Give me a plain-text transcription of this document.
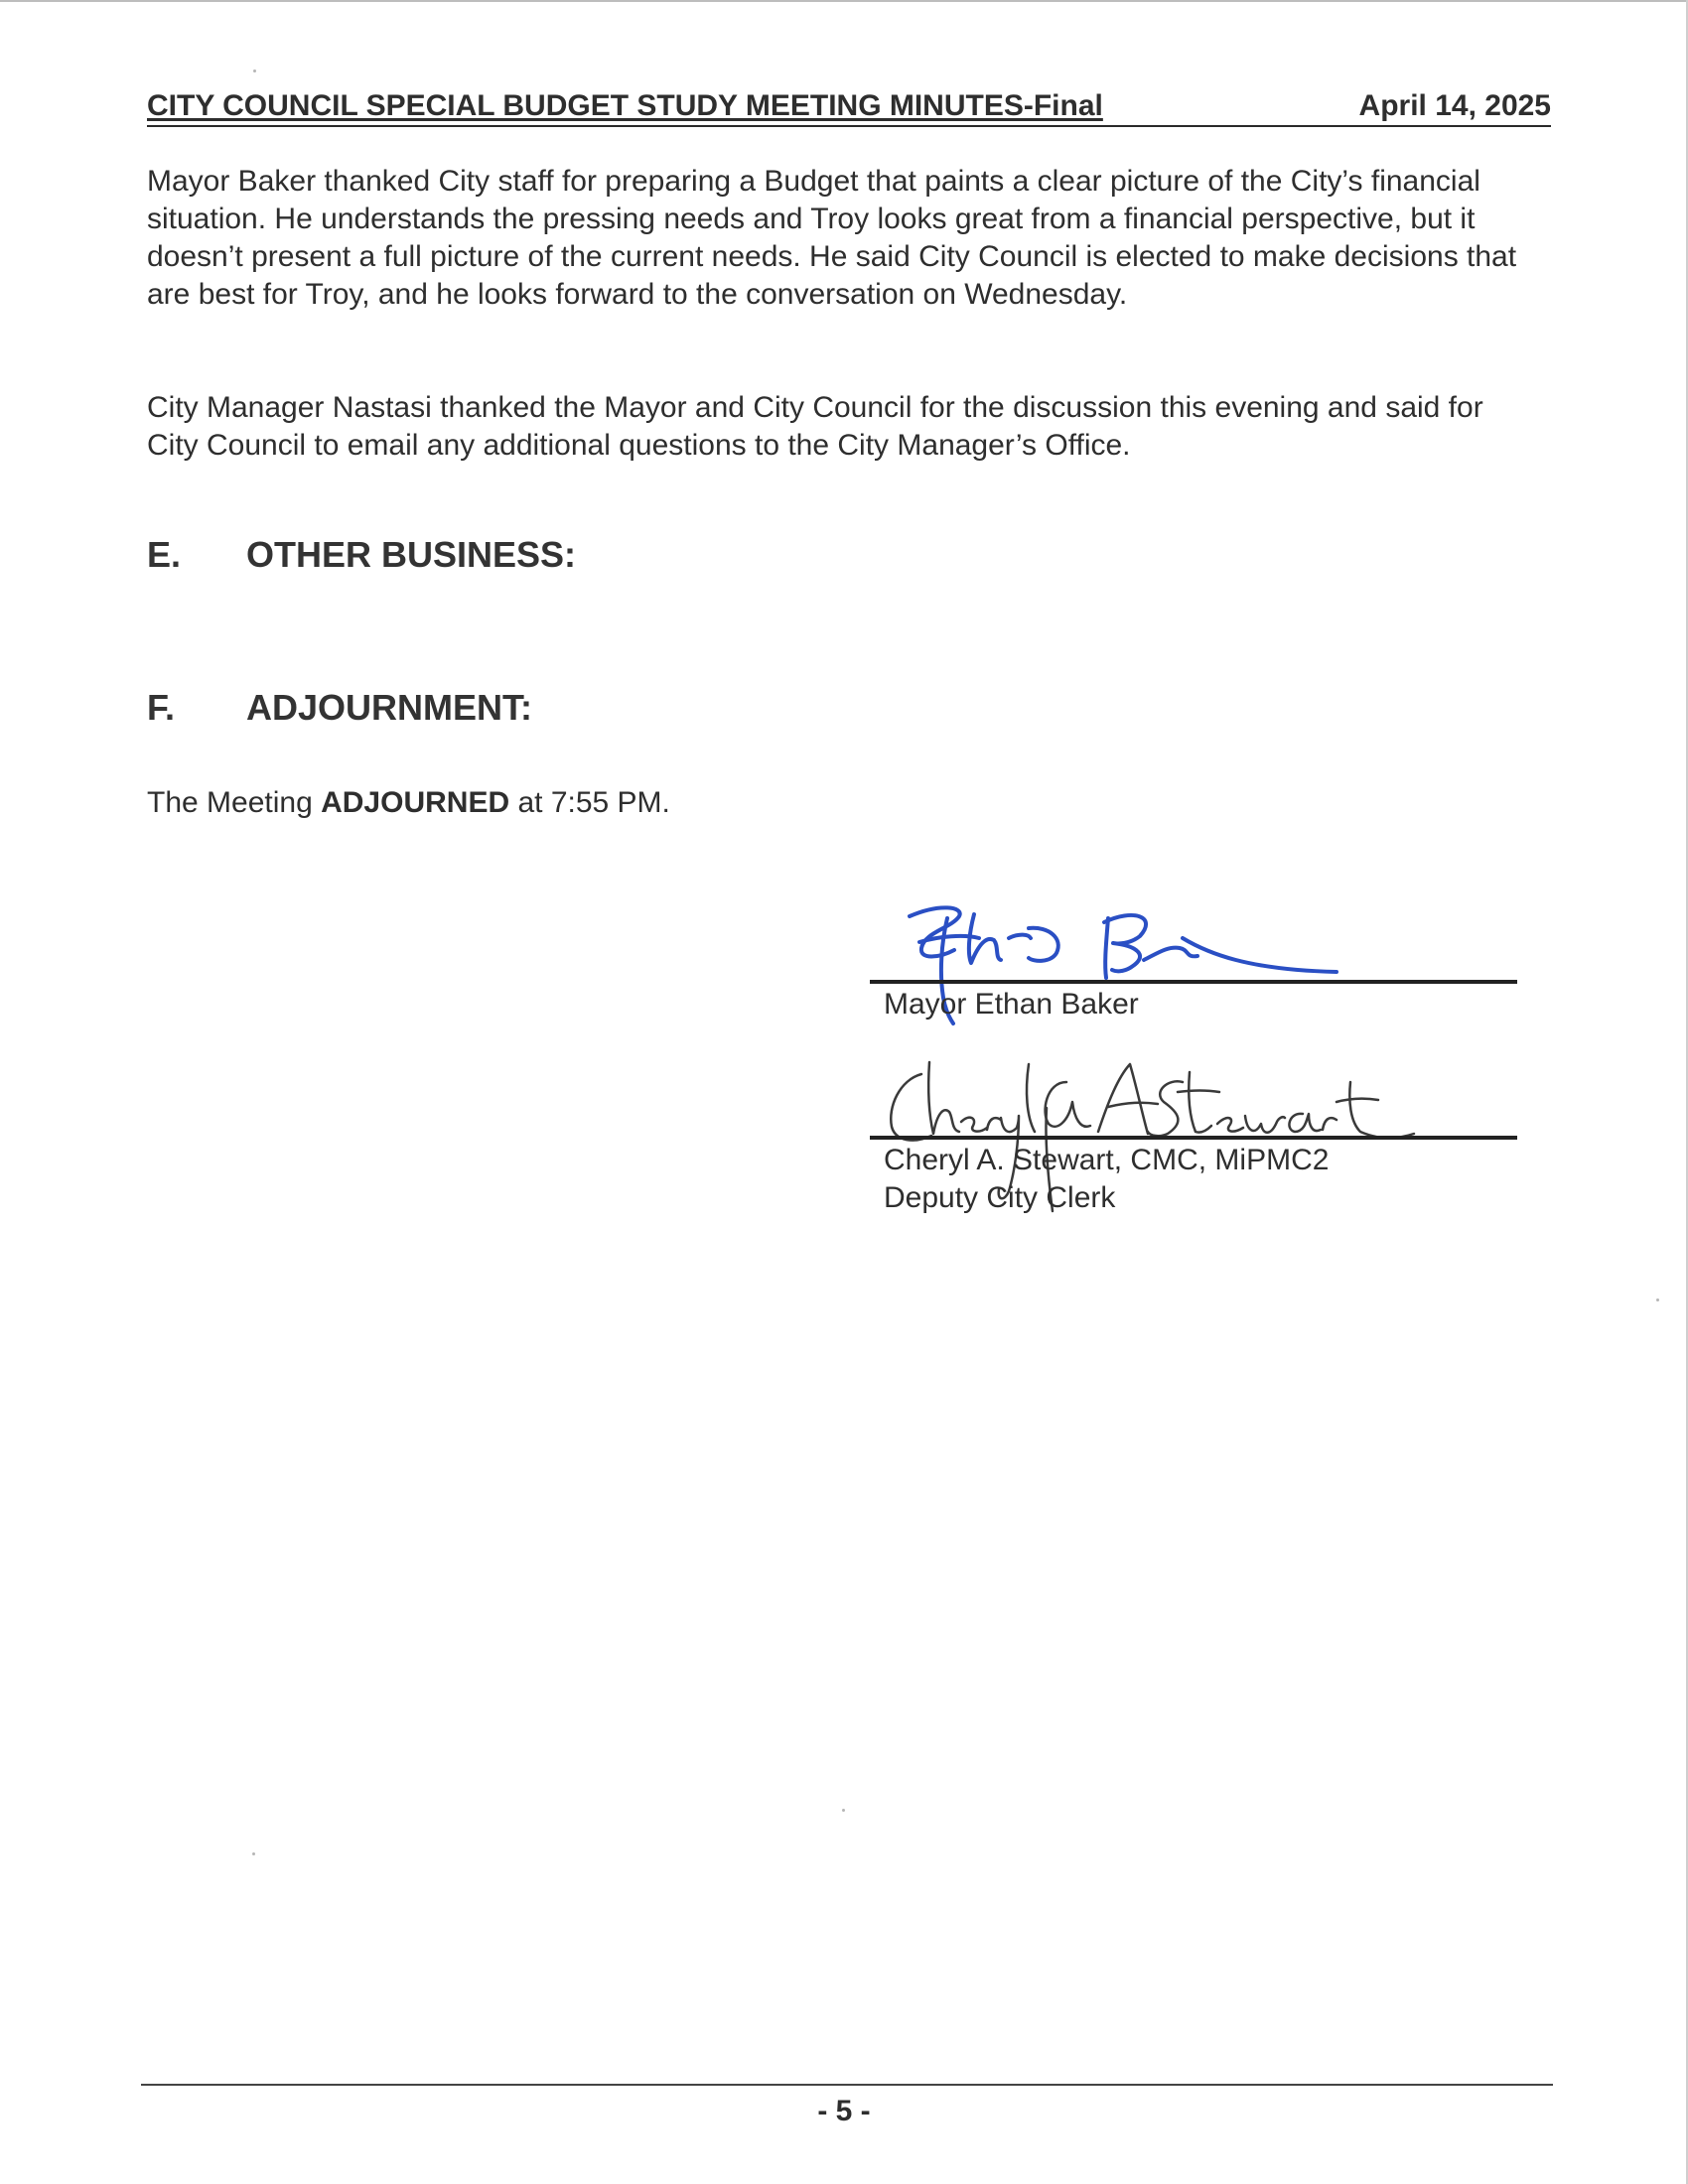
CITY COUNCIL SPECIAL BUDGET STUDY MEETING MINUTES-Final	April 14, 2025

Mayor Baker thanked City staff for preparing a Budget that paints a clear picture of the City’s financial situation. He understands the pressing needs and Troy looks great from a financial perspective, but it doesn’t present a full picture of the current needs. He said City Council is elected to make decisions that are best for Troy, and he looks forward to the conversation on Wednesday.

City Manager Nastasi thanked the Mayor and City Council for the discussion this evening and said for City Council to email any additional questions to the City Manager’s Office.

E. OTHER BUSINESS:
F. ADJOURNMENT:
The Meeting ADJOURNED at 7:55 PM.
Mayor Ethan Baker
Cheryl A. Stewart, CMC, MiPMC2
Deputy City Clerk
- 5 -
